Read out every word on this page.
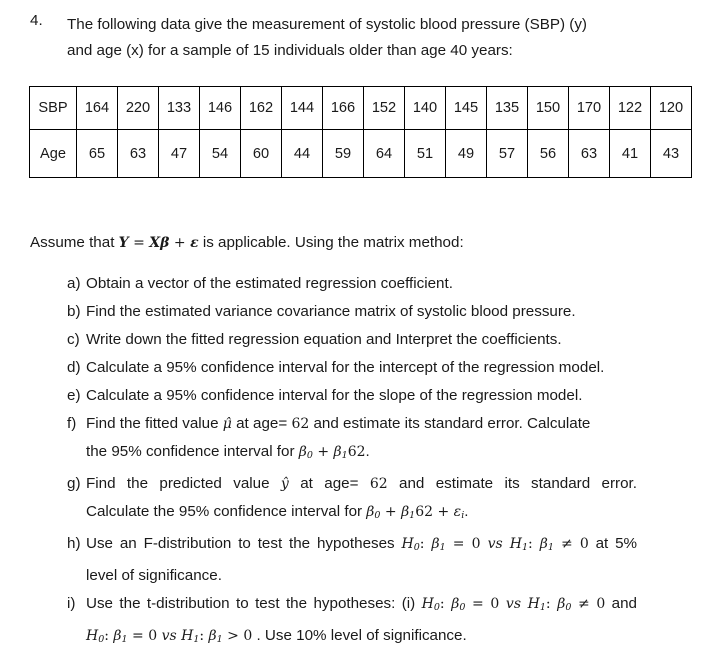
4. The following data give the measurement of systolic blood pressure (SBP) (y)
and age (x) for a sample of 15 individuals older than age 40 years:
SBP	164	220	133	146	162	144	166	152	140	145	135	150	170	122	120
Age	65	63	47	54	60	44	59	64	51	49	57	56	63	41	43
Assume that Y = Xβ + ε is applicable. Using the matrix method:
a) Obtain a vector of the estimated regression coefficient.
b) Find the estimated variance covariance matrix of systolic blood pressure.
c) Write down the fitted regression equation and Interpret the coefficients.
d) Calculate a 95% confidence interval for the intercept of the regression model.
e) Calculate a 95% confidence interval for the slope of the regression model.
f) Find the fitted value μ̂ at age= 62 and estimate its standard error. Calculate
the 95% confidence interval for $\beta_0 + \beta_162$.
g) Find the predicted value ŷ at age= 62 and estimate its standard error.
Calculate the 95% confidence interval for $\beta_0 + \beta_162 + \varepsilon_i$.
h) Use an F-distribution to test the hypotheses $H_0$: $\beta_1 = 0$ vs $H_1$: $\beta_1 \ne 0$ at 5%
level of significance.
i) Use the t-distribution to test the hypotheses: (i) $H_0$: $\beta_0 = 0$ vs $H_1$: $\beta_0 \ne 0$ and
$H_0$: $\beta_1 = 0$ vs $H_1$: $\beta_1 > 0$ . Use 10% level of significance.
